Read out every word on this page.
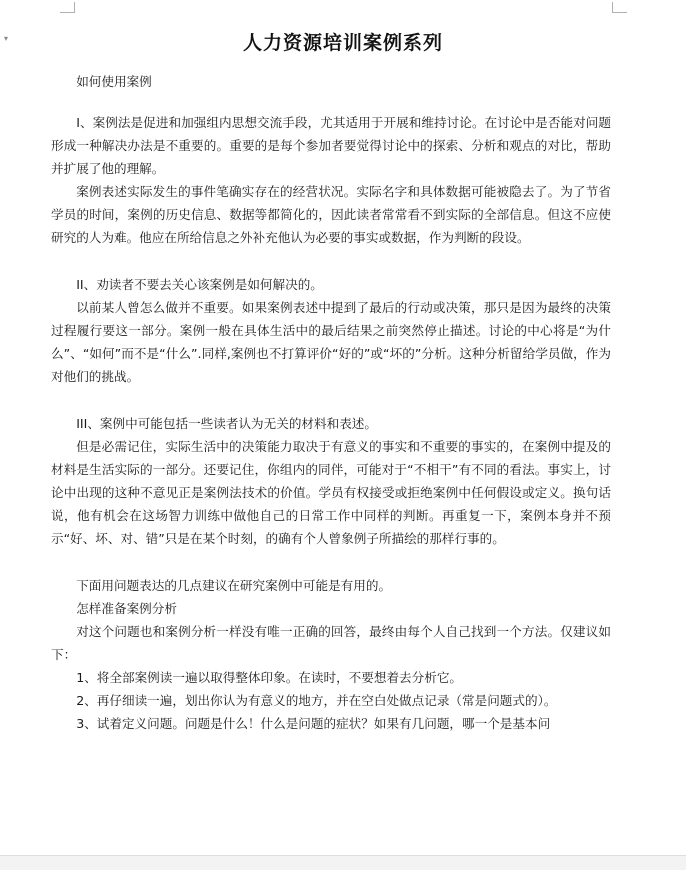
▾	人力资源培训案例系列

如何使用案例

I、案例法是促进和加强组内思想交流手段，尤其适用于开展和维持讨论。在讨论中是否能对问题形成一种解决办法是不重要的。重要的是每个参加者要觉得讨论中的探索、分析和观点的对比，帮助并扩展了他的理解。

案例表述实际发生的事件笔确实存在的经营状况。实际名字和具体数据可能被隐去了。为了节省学员的时间，案例的历史信息、数据等都简化的，因此读者常常看不到实际的全部信息。但这不应使研究的人为难。他应在所给信息之外补充他认为必要的事实或数据，作为判断的段设。

II、劝读者不要去关心该案例是如何解决的。

以前某人曾怎么做并不重要。如果案例表述中提到了最后的行动或决策，那只是因为最终的决策过程履行要这一部分。案例一般在具体生活中的最后结果之前突然停止描述。讨论的中心将是“为什么”、“如何”而不是“什么”.同样,案例也不打算评价“好的”或“坏的”分析。这种分析留给学员做，作为对他们的挑战。

III、案例中可能包括一些读者认为无关的材料和表述。

但是必需记住，实际生活中的决策能力取决于有意义的事实和不重要的事实的，在案例中提及的材料是生活实际的一部分。还要记住，你组内的同伴，可能对于“不相干”有不同的看法。事实上，讨论中出现的这种不意见正是案例法技术的价值。学员有权接受或拒绝案例中任何假设或定义。换句话说，他有机会在这场智力训练中做他自己的日常工作中同样的判断。再重复一下，案例本身并不预示“好、坏、对、错”只是在某个时刻，的确有个人曾象例子所描绘的那样行事的。

下面用问题表达的几点建议在研究案例中可能是有用的。

怎样准备案例分析

对这个问题也和案例分析一样没有唯一正确的回答，最终由每个人自己找到一个方法。仅建议如下：

1、将全部案例读一遍以取得整体印象。在读时，不要想着去分析它。

2、再仔细读一遍，划出你认为有意义的地方，并在空白处做点记录（常是问题式的）。

3、试着定义问题。问题是什么！什么是问题的症状？如果有几问题，哪一个是基本问
